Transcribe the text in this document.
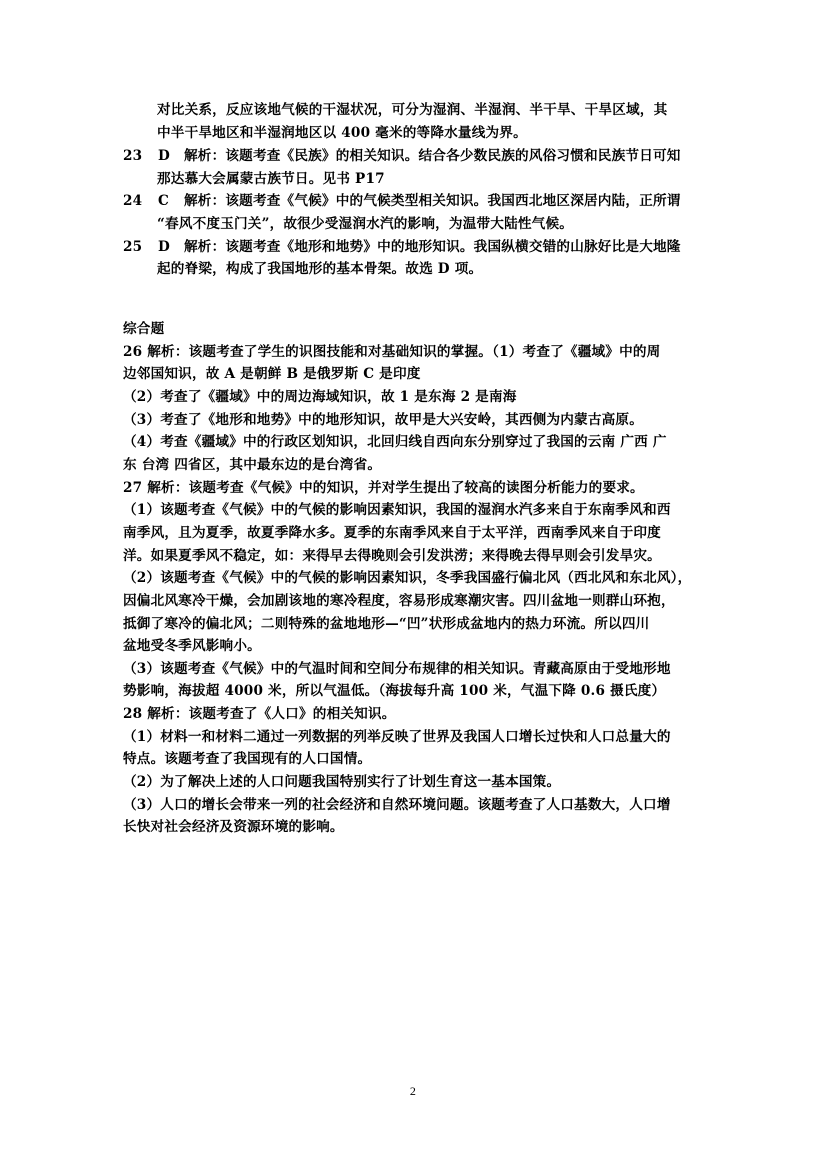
对比关系，反应该地气候的干湿状况，可分为湿润、半湿润、半干旱、干旱区域，其
中半干旱地区和半湿润地区以 400 毫米的等降水量线为界。
23 D 解析：该题考查《民族》的相关知识。结合各少数民族的风俗习惯和民族节日可知
那达慕大会属蒙古族节日。见书 P17
24 C 解析：该题考查《气候》中的气候类型相关知识。我国西北地区深居内陆，正所谓
“春风不度玉门关”，故很少受湿润水汽的影响，为温带大陆性气候。
25 D 解析：该题考查《地形和地势》中的地形知识。我国纵横交错的山脉好比是大地隆
起的脊梁，构成了我国地形的基本骨架。故选 D 项。
综合题
26 解析：该题考查了学生的识图技能和对基础知识的掌握。（1）考查了《疆域》中的周
边邻国知识，故 A 是朝鲜 B 是俄罗斯 C 是印度
（2）考查了《疆域》中的周边海域知识，故 1 是东海 2 是南海
（3）考查了《地形和地势》中的地形知识，故甲是大兴安岭，其西侧为内蒙古高原。
（4）考查《疆域》中的行政区划知识，北回归线自西向东分别穿过了我国的云南 广西 广
东 台湾 四省区，其中最东边的是台湾省。
27 解析：该题考查《气候》中的知识，并对学生提出了较高的读图分析能力的要求。
（1）该题考查《气候》中的气候的影响因素知识，我国的湿润水汽多来自于东南季风和西
南季风，且为夏季，故夏季降水多。夏季的东南季风来自于太平洋，西南季风来自于印度
洋。如果夏季风不稳定，如：来得早去得晚则会引发洪涝；来得晚去得早则会引发旱灾。
（2）该题考查《气候》中的气候的影响因素知识，冬季我国盛行偏北风（西北风和东北风），
因偏北风寒冷干燥，会加剧该地的寒冷程度，容易形成寒潮灾害。四川盆地一则群山环抱，
抵御了寒冷的偏北风；二则特殊的盆地地形—“凹”状形成盆地内的热力环流。所以四川
盆地受冬季风影响小。
（3）该题考查《气候》中的气温时间和空间分布规律的相关知识。青藏高原由于受地形地
势影响，海拔超 4000 米，所以气温低。（海拔每升高 100 米，气温下降 0.6 摄氏度）
28 解析：该题考查了《人口》的相关知识。
（1）材料一和材料二通过一列数据的列举反映了世界及我国人口增长过快和人口总量大的
特点。该题考查了我国现有的人口国情。
（2）为了解决上述的人口问题我国特别实行了计划生育这一基本国策。
（3）人口的增长会带来一列的社会经济和自然环境问题。该题考查了人口基数大，人口增
长快对社会经济及资源环境的影响。
2
